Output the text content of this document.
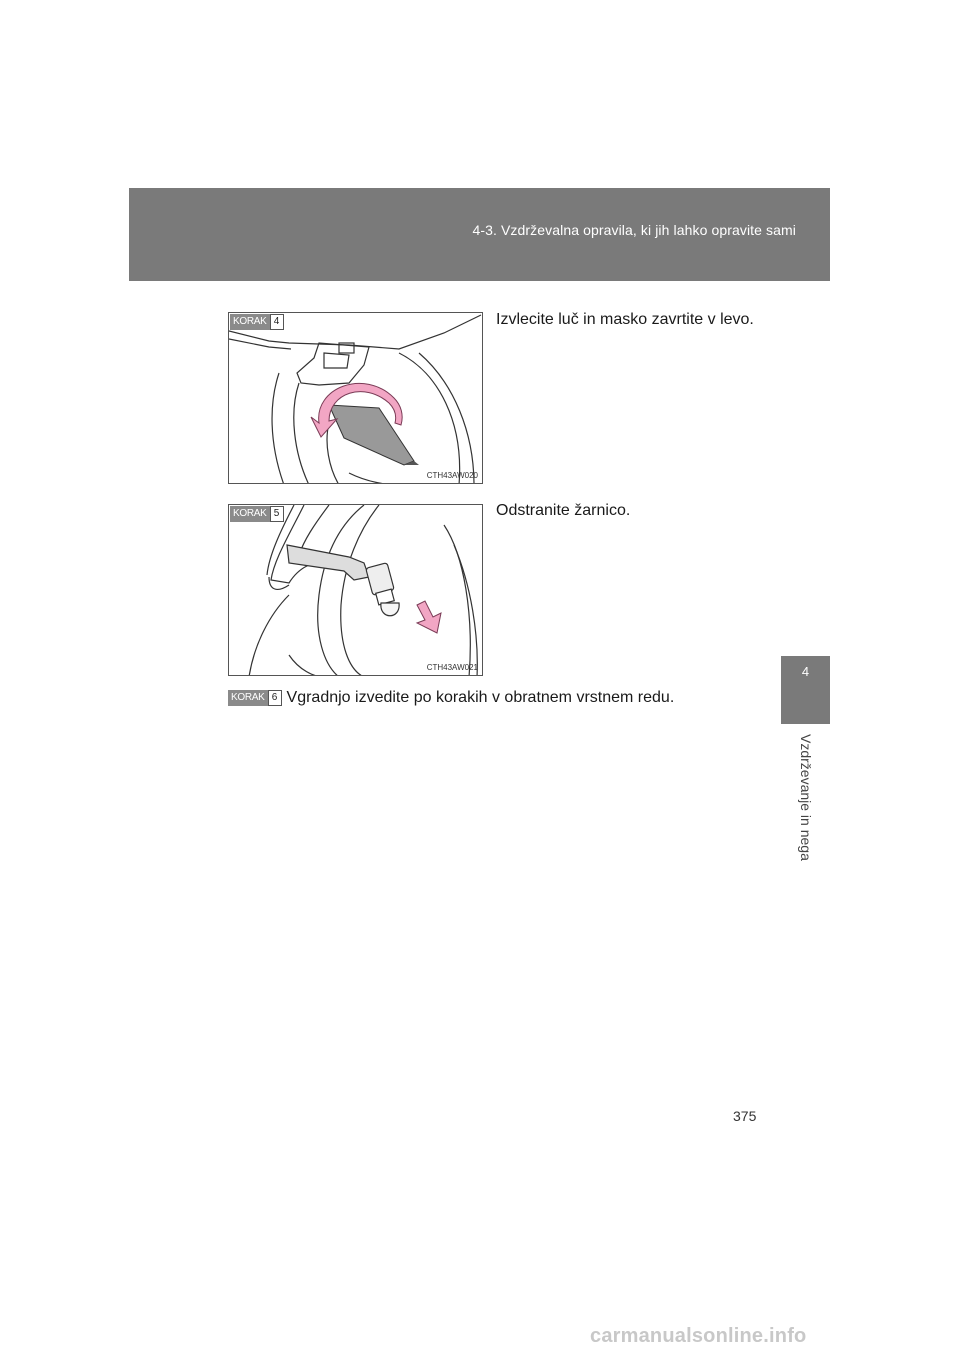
4-3. Vzdrževalna opravila, ki jih lahko opravite sami
4
Vzdrževanje in nega
KORAK 4
CTH43AW020
Izvlecite luč in masko zavrtite v levo.
KORAK 5
CTH43AW021
Odstranite žarnico.
KORAK 6 Vgradnjo izvedite po korakih v obratnem vrstnem redu.
375
carmanualsonline.info
